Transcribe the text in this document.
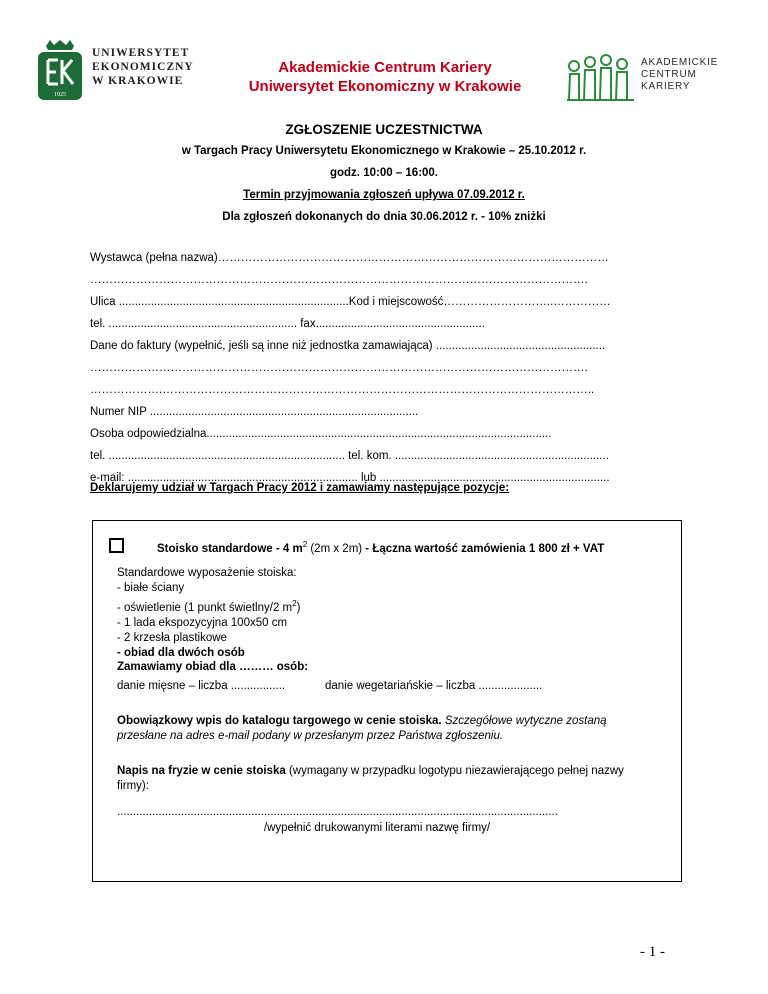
1925
UNIWERSYTET
EKONOMICZNY
W KRAKOWIE
Akademickie Centrum Kariery
Uniwersytet Ekonomiczny w Krakowie
AKADEMICKIE
CENTRUM
KARIERY
ZGŁOSZENIE UCZESTNICTWA
w Targach Pracy Uniwersytetu Ekonomicznego w Krakowie – 25.10.2012 r.
godz. 10:00 – 16:00.
Termin przyjmowania zgłoszeń upływa 07.09.2012 r.
Dla zgłoszeń dokonanych do dnia 30.06.2012 r. - 10% zniżki
Wystawca (pełna nazwa)…………………………………………………………………………………………
………………………………………………………………………………………………………………….
Ulica ........................................................................Kod i miejscowość………………………..……………
tel. ........................................................... fax.....................................................
Dane do faktury (wypełnić, jeśli są inne niż jednostka zamawiająca) .....................................................
………………………………………………………………………………………………………………….
……………….…………………………………………………………………………………………………..
Numer NIP ....................................................................................
Osoba odpowiedzialna............................................................................................................
tel. .......................................................................... tel. kom. ...................................................................
e-mail: ........................................................................ lub ........................................................................
Deklarujemy udział w Targach Pracy 2012 i zamawiamy następujące pozycje:
Stoisko standardowe - 4 $m^2$ (2m x 2m) - Łączna wartość zamówienia 1 800 zł + VAT
Standardowe wyposażenie stoiska:
- białe ściany
- oświetlenie (1 punkt świetlny/2 $m^2$)
- 1 lada ekspozycyjna 100x50 cm
- 2 krzesła plastikowe
- obiad dla dwóch osób
Zamawiamy obiad dla ……… osób:
danie mięsne – liczba .................	danie wegetariańskie – liczba ....................
Obowiązkowy wpis do katalogu targowego w cenie stoiska. Szczegółowe wytyczne zostaną przesłane na adres e-mail podany w przesłanym przez Państwa zgłoszeniu.
Napis na fryzie w cenie stoiska (wymagany w przypadku logotypu niezawierającego pełnej nazwy firmy):
..........................................................................................................................................
/wypełnić drukowanymi literami nazwę firmy/
- 1 -
